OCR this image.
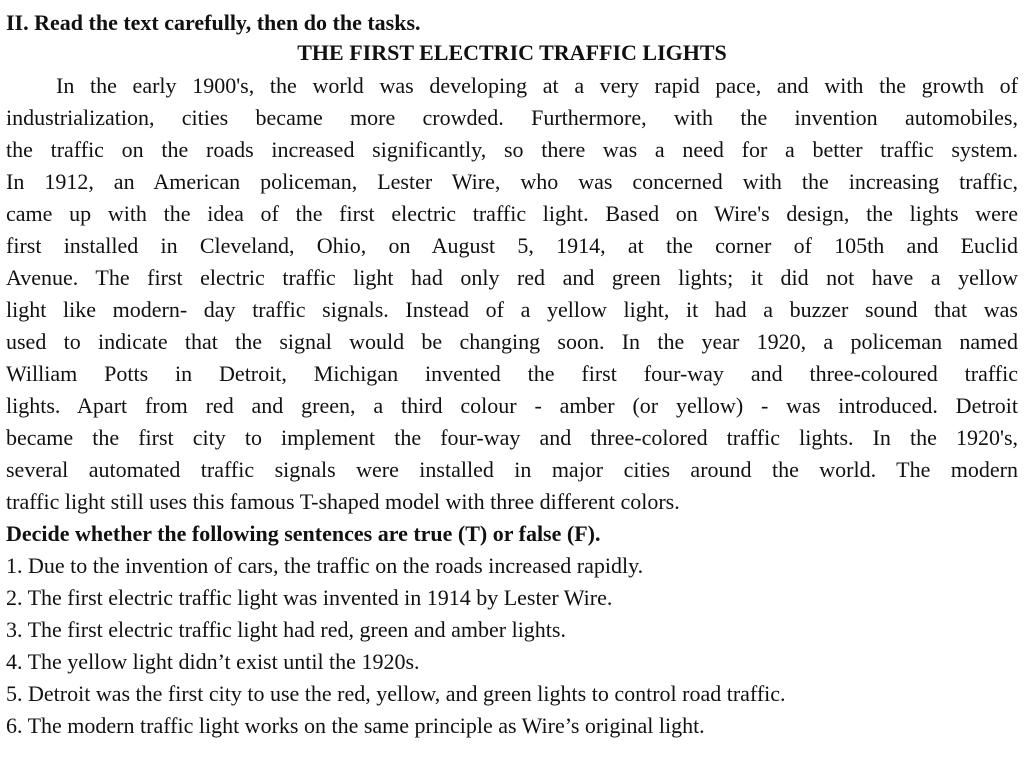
II. Read the text carefully, then do the tasks.
THE FIRST ELECTRIC TRAFFIC LIGHTS
In the early 1900's, the world was developing at a very rapid pace, and with the growth of
industrialization, cities became more crowded. Furthermore, with the invention automobiles,
the traffic on the roads increased significantly, so there was a need for a better traffic system.
In 1912, an American policeman, Lester Wire, who was concerned with the increasing traffic,
came up with the idea of the first electric traffic light. Based on Wire's design, the lights were
first installed in Cleveland, Ohio, on August 5, 1914, at the corner of 105th and Euclid
Avenue. The first electric traffic light had only red and green lights; it did not have a yellow
light like modern- day traffic signals. Instead of a yellow light, it had a buzzer sound that was
used to indicate that the signal would be changing soon. In the year 1920, a policeman named
William Potts in Detroit, Michigan invented the first four-way and three-coloured traffic
lights. Apart from red and green, a third colour - amber (or yellow) - was introduced. Detroit
became the first city to implement the four-way and three-colored traffic lights. In the 1920's,
several automated traffic signals were installed in major cities around the world. The modern
traffic light still uses this famous T-shaped model with three different colors.
Decide whether the following sentences are true (T) or false (F).
1. Due to the invention of cars, the traffic on the roads increased rapidly.
2. The first electric traffic light was invented in 1914 by Lester Wire.
3. The first electric traffic light had red, green and amber lights.
4. The yellow light didn’t exist until the 1920s.
5. Detroit was the first city to use the red, yellow, and green lights to control road traffic.
6. The modern traffic light works on the same principle as Wire’s original light.
